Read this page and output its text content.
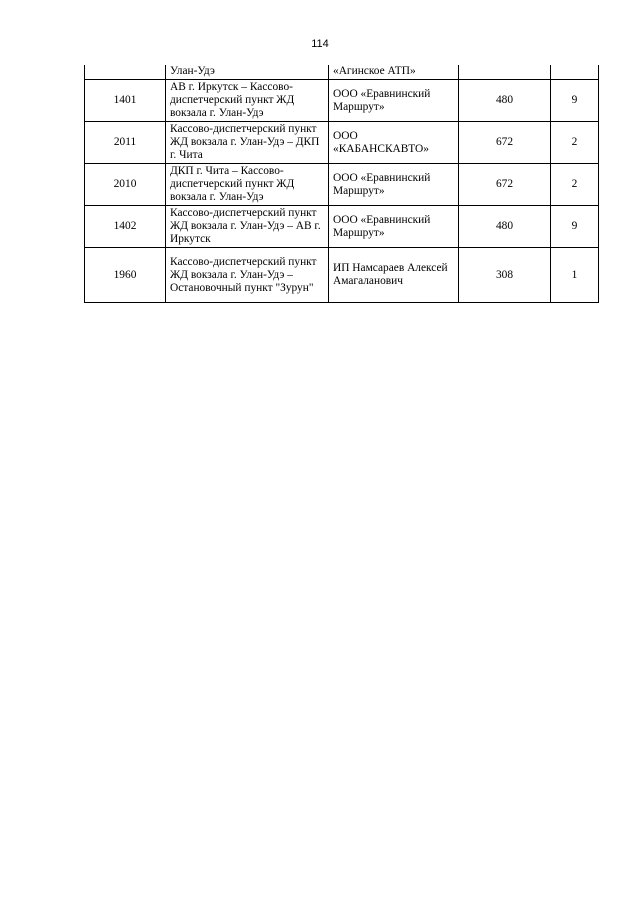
114
	Улан-Удэ	«Агинское АТП»		
1401	АВ г. Иркутск – Кассово-диспетчерский пункт ЖД вокзала г. Улан-Удэ	ООО «Еравнинский Маршрут»	480	9
2011	Кассово-диспетчерский пункт ЖД вокзала г. Улан-Удэ – ДКП г. Чита	ООО «КАБАНСКАВТО»	672	2
2010	ДКП г. Чита – Кассово-диспетчерский пункт ЖД вокзала г. Улан-Удэ	ООО «Еравнинский Маршрут»	672	2
1402	Кассово-диспетчерский пункт ЖД вокзала г. Улан-Удэ – АВ г. Иркутск	ООО «Еравнинский Маршрут»	480	9
1960	Кассово-диспетчерский пункт ЖД вокзала г. Улан-Удэ – Остановочный пункт "Зурун"	ИП Намсараев Алексей Амагаланович	308	1
